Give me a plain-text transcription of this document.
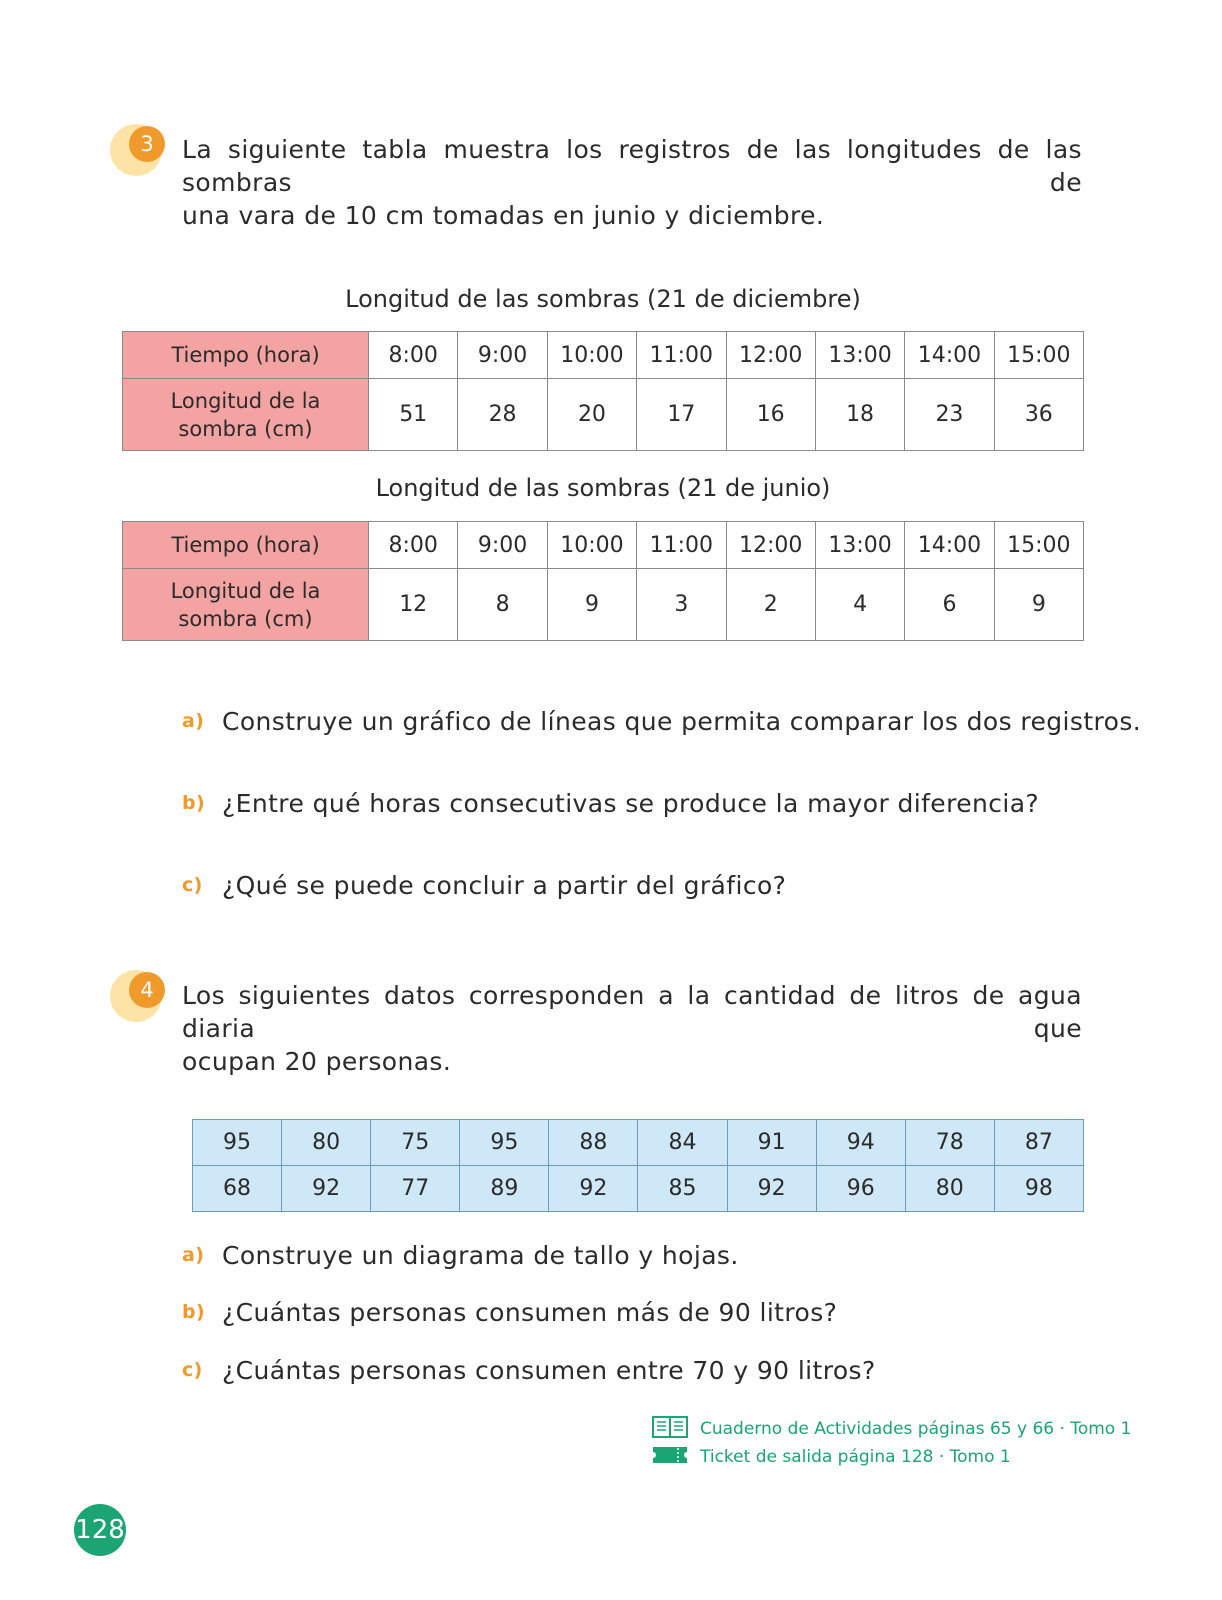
3	La siguiente tabla muestra los registros de las longitudes de las sombras de
una vara de 10 cm tomadas en junio y diciembre.
Longitud de las sombras (21 de diciembre)
Tiempo (hora)	8:00	9:00	10:00	11:00	12:00	13:00	14:00	15:00

Longitud de la
sombra (cm)	51	28	20	17	16	18	23	36
Longitud de las sombras (21 de junio)
Tiempo (hora)	8:00	9:00	10:00	11:00	12:00	13:00	14:00	15:00

Longitud de la
sombra (cm)	12	8	9	3	2	4	6	9
a) Construye un gráfico de líneas que permita comparar los dos registros.
b) ¿Entre qué horas consecutivas se produce la mayor diferencia?
c) ¿Qué se puede concluir a partir del gráfico?
4	Los siguientes datos corresponden a la cantidad de litros de agua diaria que
ocupan 20 personas.
95	80	75	95	88	84	91	94	78	87
68	92	77	89	92	85	92	96	80	98
a) Construye un diagrama de tallo y hojas.
b) ¿Cuántas personas consumen más de 90 litros?
c) ¿Cuántas personas consumen entre 70 y 90 litros?
Cuaderno de Actividades páginas 65 y 66 · Tomo 1
Ticket de salida página 128 · Tomo 1
128
